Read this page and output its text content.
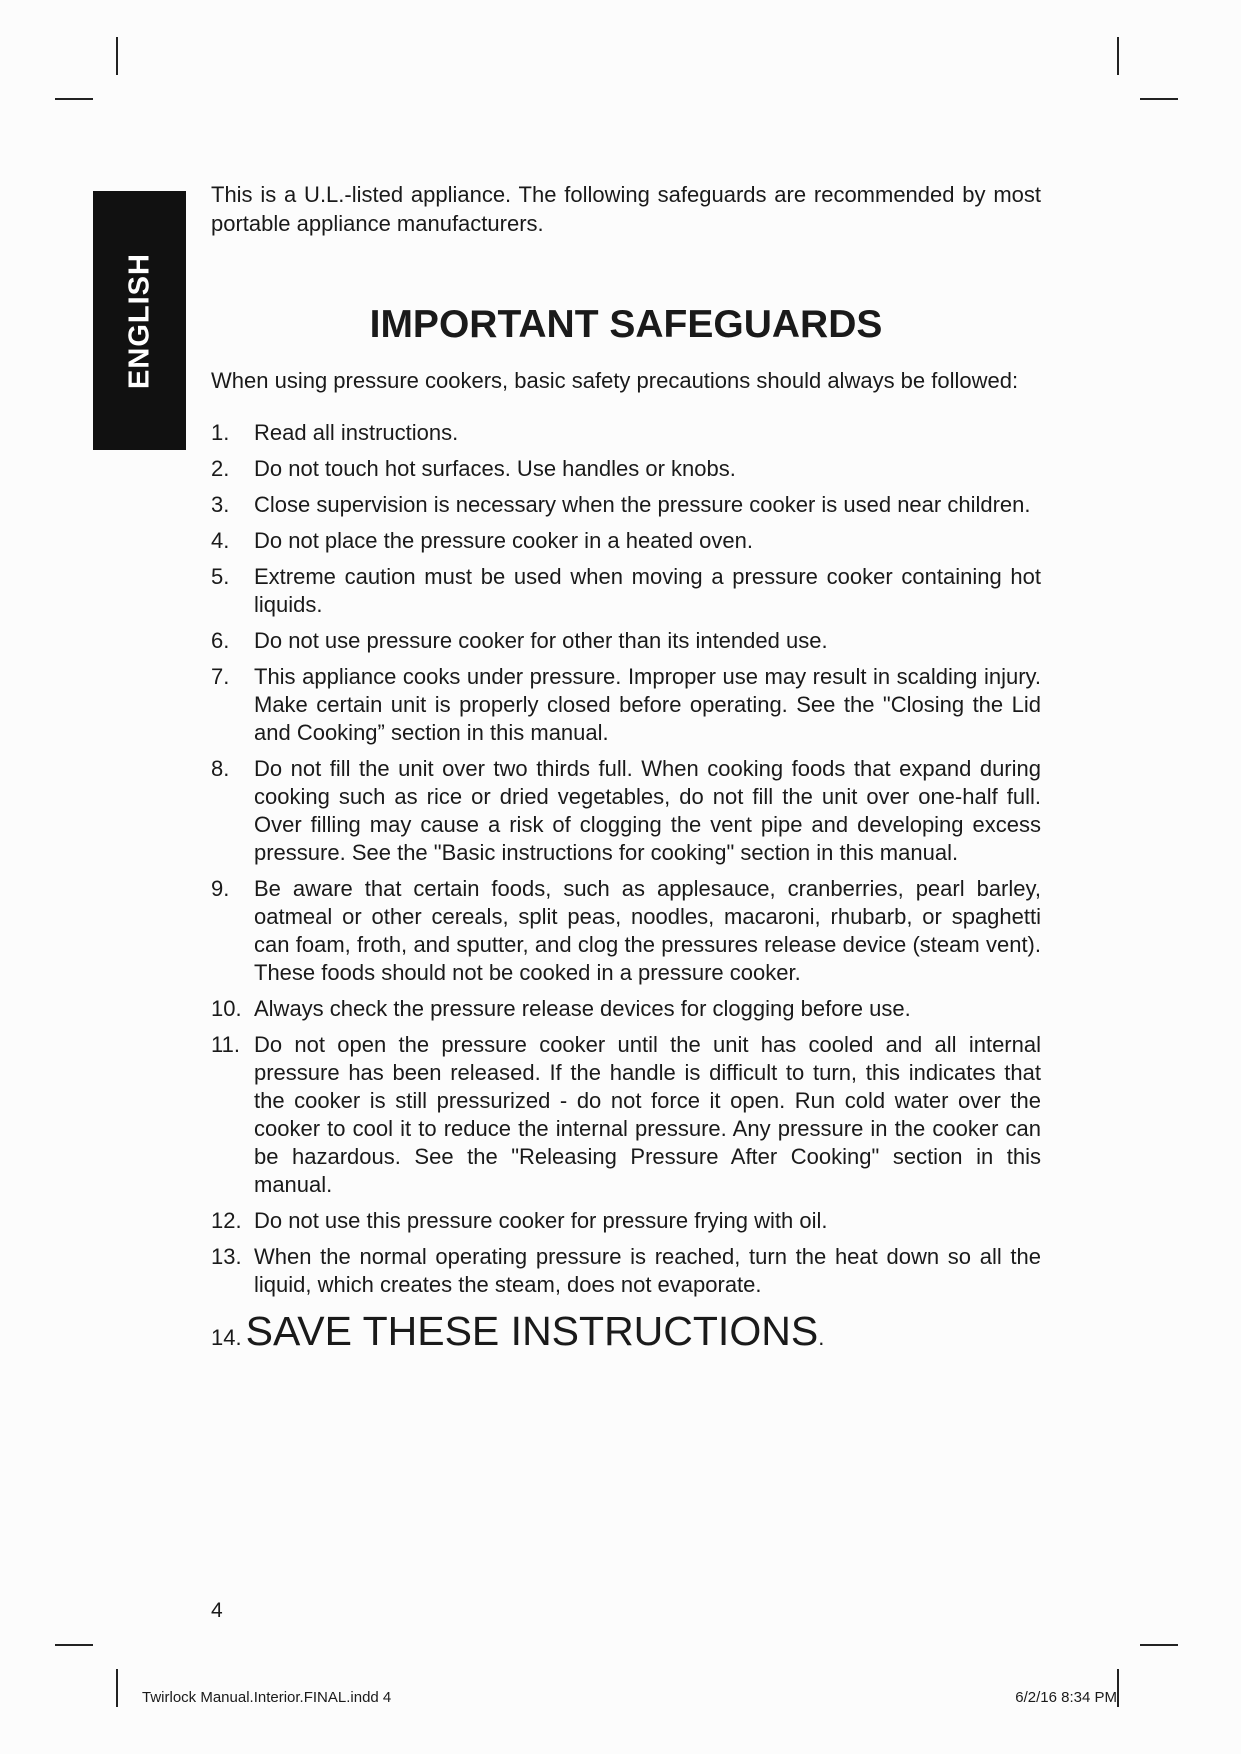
ENGLISH

This is a U.L.-listed appliance. The following safeguards are recommended by most portable appliance manufacturers.

IMPORTANT SAFEGUARDS

When using pressure cookers, basic safety precautions should always be followed:

1. Read all instructions.
2. Do not touch hot surfaces. Use handles or knobs.
3. Close supervision is necessary when the pressure cooker is used near children.
4. Do not place the pressure cooker in a heated oven.
5. Extreme caution must be used when moving a pressure cooker containing hot liquids.
6. Do not use pressure cooker for other than its intended use.
7. This appliance cooks under pressure. Improper use may result in scalding injury. Make certain unit is properly closed before operating. See the "Closing the Lid and Cooking” section in this manual.
8. Do not fill the unit over two thirds full. When cooking foods that expand during cooking such as rice or dried vegetables, do not fill the unit over one-half full. Over filling may cause a risk of clogging the vent pipe and developing excess pressure. See the "Basic instructions for cooking" section in this manual.
9. Be aware that certain foods, such as applesauce, cranberries, pearl barley, oatmeal or other cereals, split peas, noodles, macaroni, rhubarb, or spaghetti can foam, froth, and sputter, and clog the pressures release device (steam vent). These foods should not be cooked in a pressure cooker.
10. Always check the pressure release devices for clogging before use.
11. Do not open the pressure cooker until the unit has cooled and all internal pressure has been released. If the handle is difficult to turn, this indicates that the cooker is still pressurized - do not force it open. Run cold water over the cooker to cool it to reduce the internal pressure. Any pressure in the cooker can be hazardous. See the "Releasing Pressure After Cooking" section in this manual.
12. Do not use this pressure cooker for pressure frying with oil.
13. When the normal operating pressure is reached, turn the heat down so all the liquid, which creates the steam, does not evaporate.
14. SAVE THESE INSTRUCTIONS .
4
Twirlock Manual.Interior.FINAL.indd 4	6/2/16 8:34 PM
